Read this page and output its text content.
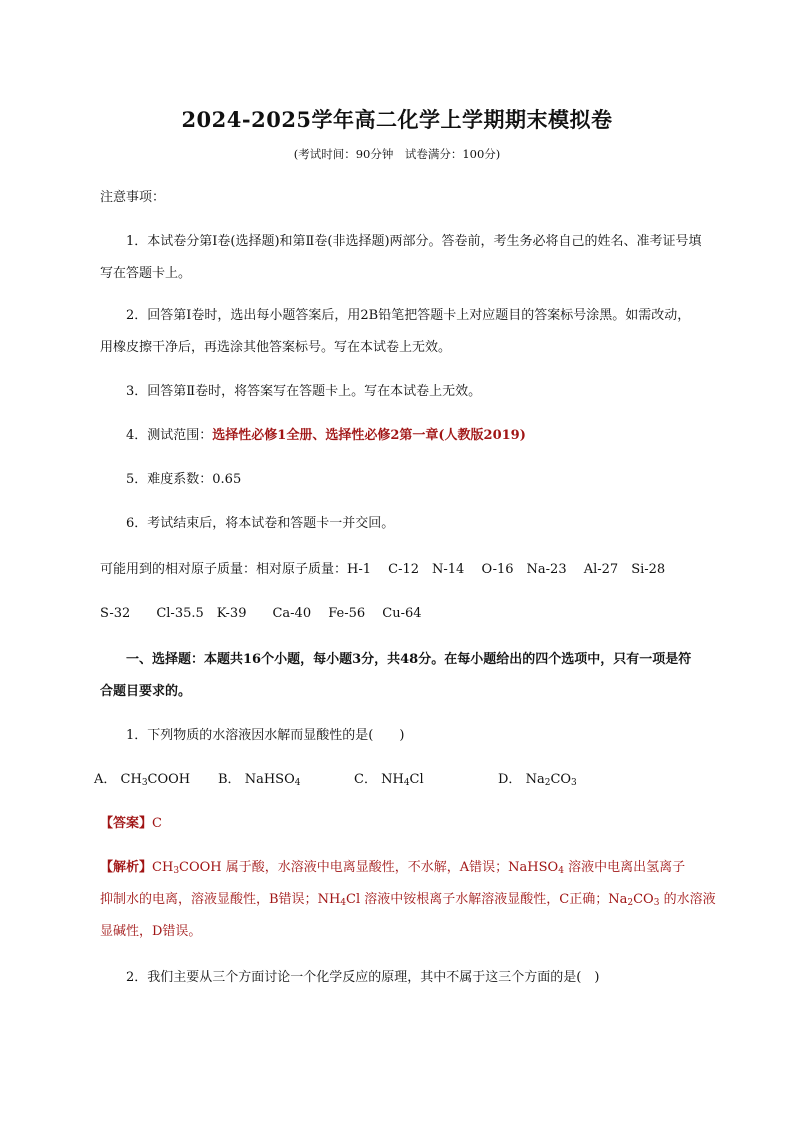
2024-2025学年高二化学上学期期末模拟卷
(考试时间：90分钟　试卷满分：100分)
注意事项：

1．本试卷分第Ⅰ卷(选择题)和第Ⅱ卷(非选择题)两部分。答卷前，考生务必将自己的姓名、准考证号填

写在答题卡上。

2．回答第Ⅰ卷时，选出每小题答案后，用2B铅笔把答题卡上对应题目的答案标号涂黑。如需改动，

用橡皮擦干净后，再选涂其他答案标号。写在本试卷上无效。

3．回答第Ⅱ卷时，将答案写在答题卡上。写在本试卷上无效。
4．测试范围：选择性必修1全册、选择性必修2第一章(人教版2019)
5．难度系数：0.65
6．考试结束后，将本试卷和答题卡一并交回。
可能用到的相对原子质量：相对原子质量：H-1　 C-12　N-14　 O-16　Na-23　 Al-27　Si-28
S-32　　Cl-35.5　K-39　　Ca-40　 Fe-56　 Cu-64

一、选择题：本题共16个小题，每小题3分，共48分。在每小题给出的四个选项中，只有一项是符

合题目要求的。

1．下列物质的水溶液因水解而显酸性的是(　　)
A． $CH_3COOH$ B． NaHSO$_4$	C． $NH_4Cl$	D． $Na_2CO_3$
【答案】C

【解析】$CH_3COOH$ 属于酸，水溶液中电离显酸性，不水解，A错误；NaHSO$_4$ 溶液中电离出氢离子

抑制水的电离，溶液显酸性，B错误；$NH_4Cl$ 溶液中铵根离子水解溶液显酸性，C正确；$Na_2CO_3$ 的水溶液

显碱性，D错误。

2．我们主要从三个方面讨论一个化学反应的原理，其中不属于这三个方面的是(　)
